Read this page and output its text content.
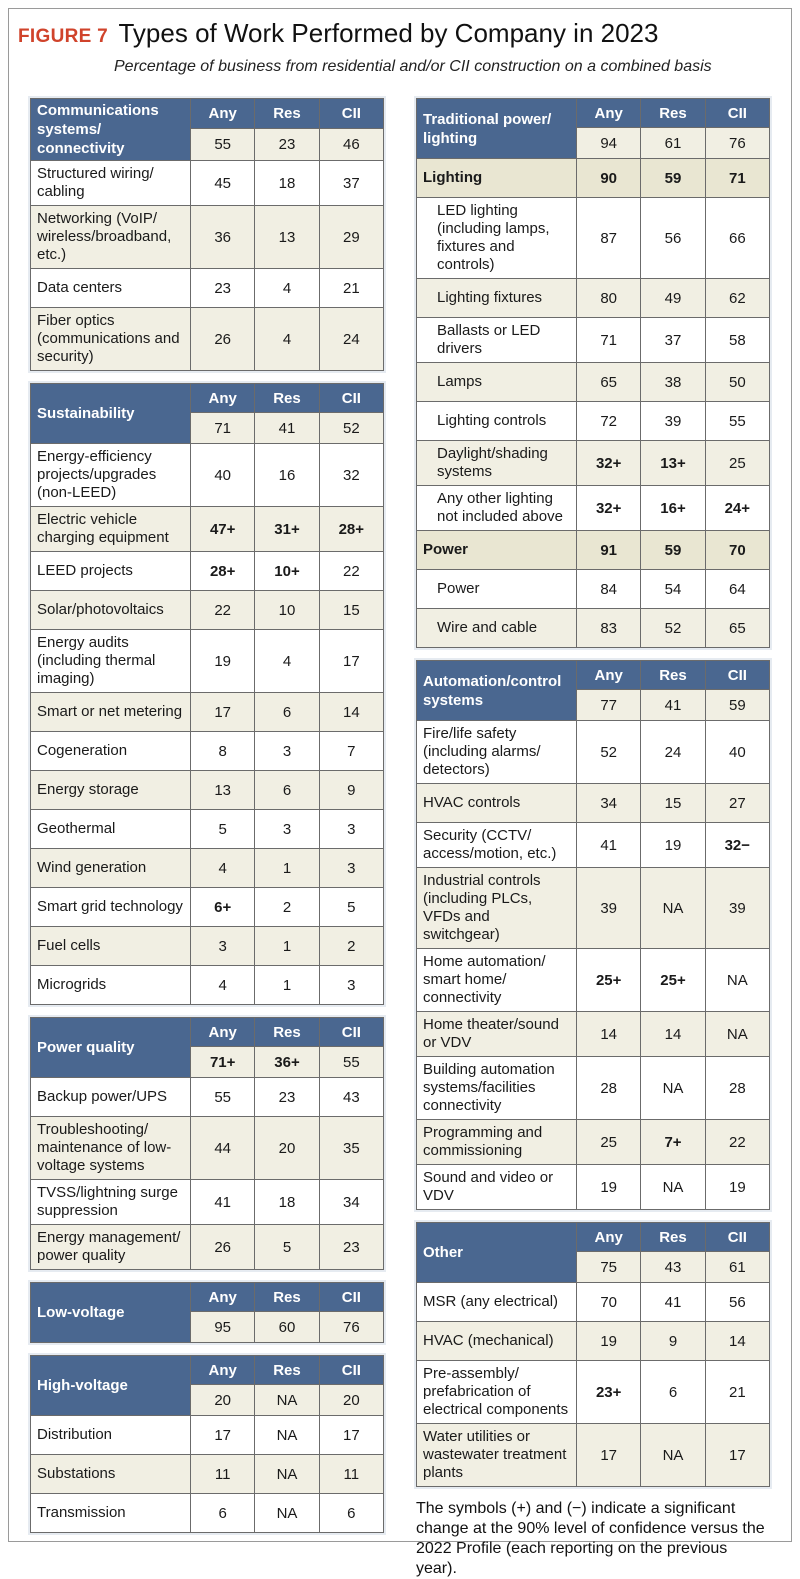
FIGURE 7 Types of Work Performed by Company in 2023
Percentage of business from residential and/or CII construction on a combined basis
Communications systems/ connectivity	Any	Res	CII
	55	23	46
Structured wiring/ cabling	45	18	37
Networking (VoIP/ wireless/broadband, etc.)	36	13	29
Data centers	23	4	21
Fiber optics (communications and security)	26	4	24
Sustainability	Any	Res	CII
	71	41	52
Energy-efficiency projects/upgrades (non-LEED)	40	16	32
Electric vehicle charging equipment	47+	31+	28+
LEED projects	28+	10+	22
Solar/photovoltaics	22	10	15
Energy audits (including thermal imaging)	19	4	17
Smart or net metering	17	6	14
Cogeneration	8	3	7
Energy storage	13	6	9
Geothermal	5	3	3
Wind generation	4	1	3
Smart grid technology	6+	2	5
Fuel cells	3	1	2
Microgrids	4	1	3
Power quality	Any	Res	CII
	71+	36+	55
Backup power/UPS	55	23	43
Troubleshooting/ maintenance of low-voltage systems	44	20	35
TVSS/lightning surge suppression	41	18	34
Energy management/ power quality	26	5	23
Low-voltage	Any	Res	CII
	95	60	76
High-voltage	Any	Res	CII
	20	NA	20
Distribution	17	NA	17
Substations	11	NA	11
Transmission	6	NA	6
Traditional power/ lighting	Any	Res	CII
	94	61	76
Lighting	90	59	71
LED lighting (including lamps, fixtures and controls)	87	56	66
Lighting fixtures	80	49	62
Ballasts or LED drivers	71	37	58
Lamps	65	38	50
Lighting controls	72	39	55
Daylight/shading systems	32+	13+	25
Any other lighting not included above	32+	16+	24+
Power	91	59	70
Power	84	54	64
Wire and cable	83	52	65
Automation/control systems	Any	Res	CII
	77	41	59
Fire/life safety (including alarms/ detectors)	52	24	40
HVAC controls	34	15	27
Security (CCTV/ access/motion, etc.)	41	19	32−
Industrial controls (including PLCs, VFDs and switchgear)	39	NA	39
Home automation/ smart home/ connectivity	25+	25+	NA
Home theater/sound or VDV	14	14	NA
Building automation systems/facilities connectivity	28	NA	28
Programming and commissioning	25	7+	22
Sound and video or VDV	19	NA	19
Other	Any	Res	CII
	75	43	61
MSR (any electrical)	70	41	56
HVAC (mechanical)	19	9	14
Pre-assembly/ prefabrication of electrical components	23+	6	21
Water utilities or wastewater treatment plants	17	NA	17
The symbols (+) and (−) indicate a significant change at the 90% level of confidence versus the 2022 Profile (each reporting on the previous year).
